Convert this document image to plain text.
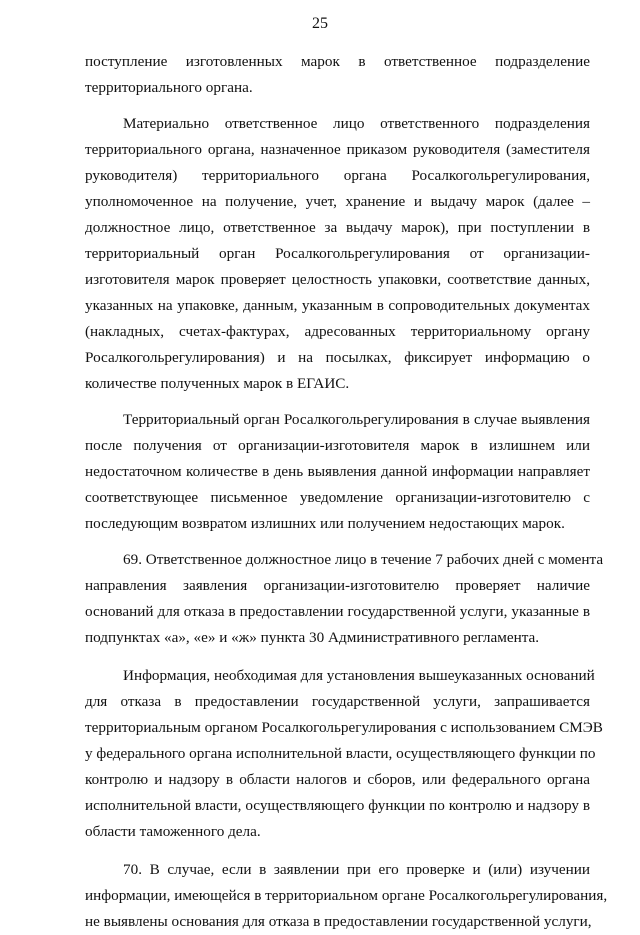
25
поступление изготовленных марок в ответственное подразделение
территориального органа.
Материально ответственное лицо ответственного подразделения
территориального органа, назначенное приказом руководителя (заместителя
руководителя) территориального органа Росалкогольрегулирования,
уполномоченное на получение, учет, хранение и выдачу марок (далее –
должностное лицо, ответственное за выдачу марок), при поступлении в
территориальный орган Росалкогольрегулирования от организации-
изготовителя марок проверяет целостность упаковки, соответствие данных,
указанных на упаковке, данным, указанным в сопроводительных документах
(накладных, счетах-фактурах, адресованных территориальному органу
Росалкогольрегулирования) и на посылках, фиксирует информацию о
количестве полученных марок в ЕГАИС.
Территориальный орган Росалкогольрегулирования в случае выявления
после получения от организации-изготовителя марок в излишнем или
недостаточном количестве в день выявления данной информации направляет
соответствующее письменное уведомление организации-изготовителю с
последующим возвратом излишних или получением недостающих марок.
69. Ответственное должностное лицо в течение 7 рабочих дней с момента
направления заявления организации-изготовителю проверяет наличие
оснований для отказа в предоставлении государственной услуги, указанные в
подпунктах «а», «е» и «ж» пункта 30 Административного регламента.
Информация, необходимая для установления вышеуказанных оснований
для отказа в предоставлении государственной услуги, запрашивается
территориальным органом Росалкогольрегулирования с использованием СМЭВ
у федерального органа исполнительной власти, осуществляющего функции по
контролю и надзору в области налогов и сборов, или федерального органа
исполнительной власти, осуществляющего функции по контролю и надзору в
области таможенного дела.
70. В случае, если в заявлении при его проверке и (или) изучении
информации, имеющейся в территориальном органе Росалкогольрегулирования,
не выявлены основания для отказа в предоставлении государственной услуги,
